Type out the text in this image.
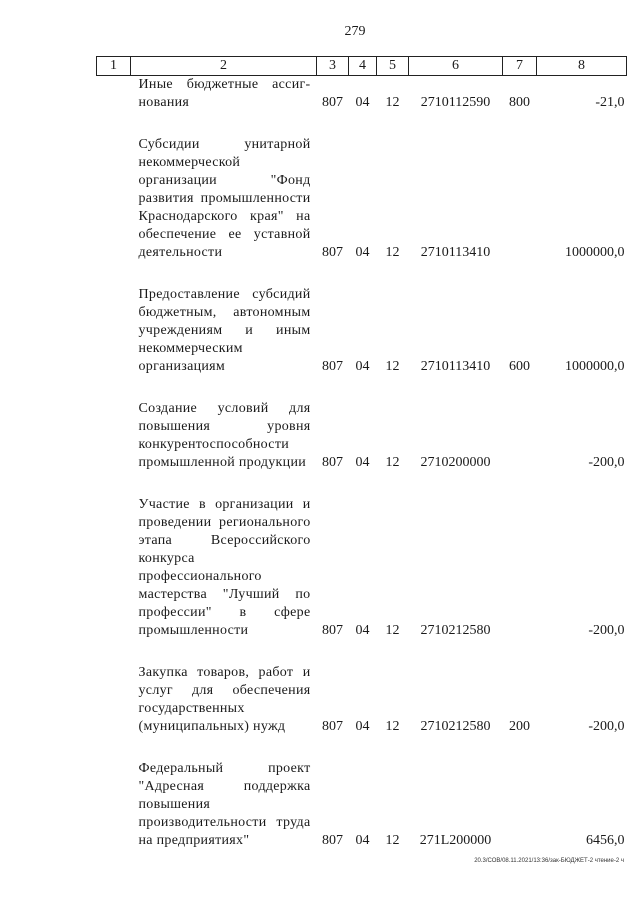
279
1	2	3	4	5	6	7	8
	Иные бюджетные ассиг- нования	807	04	12	2710112590	800	-21,0

	Субсидии унитарной некоммерческой организации "Фонд развития промышленности Краснодарского края" на обеспечение ее уставной деятельности	807	04	12	2710113410		1000000,0

	Предоставление субсидий бюджетным, автономным учреждениям и иным некоммерческим организациям	807	04	12	2710113410	600	1000000,0

	Создание условий для повышения уровня конкурентоспособности промышленной продукции	807	04	12	2710200000		-200,0

	Участие в организации и проведении регионального этапа Всероссийского конкурса профессионального мастерства "Лучший по профессии" в сфере промышленности	807	04	12	2710212580		-200,0

	Закупка товаров, работ и услуг для обеспечения государственных (муниципальных) нужд	807	04	12	2710212580	200	-200,0

	Федеральный проект "Адресная поддержка повышения производительности труда на предприятиях"	807	04	12	271L200000		6456,0
20.3/СОВ/08.11.2021/13:36/зак-БЮДЖЕТ-2 чтение-2 ч
